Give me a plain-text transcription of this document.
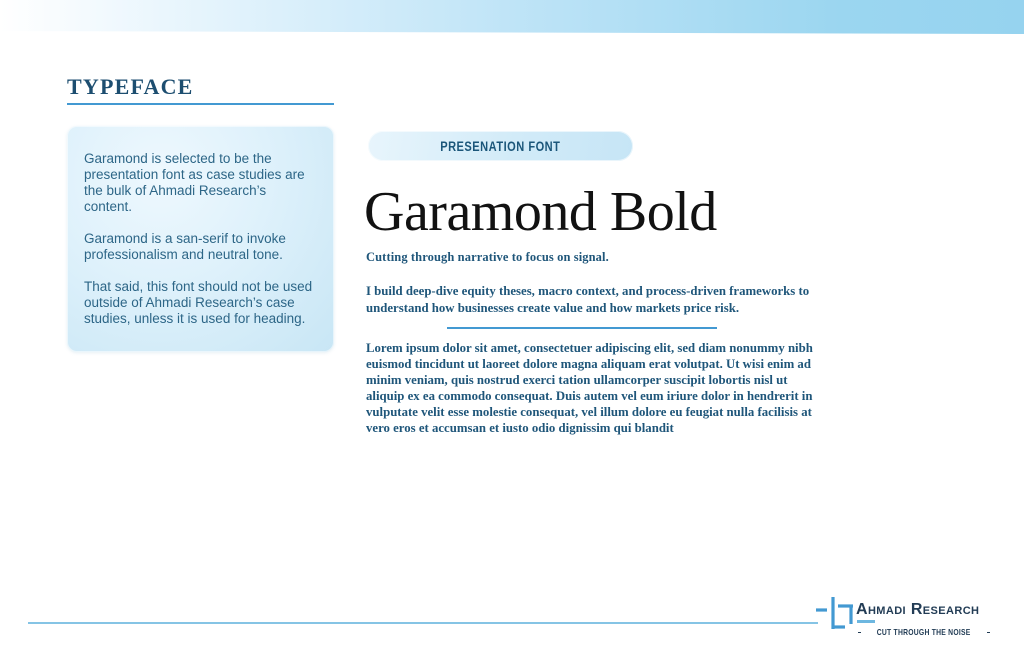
TYPEFACE

Garamond is selected to be the presentation font as case studies are the bulk of Ahmadi Research’s content.

Garamond is a san-serif to invoke professionalism and neutral tone.

That said, this font should not be used outside of Ahmadi Research’s case studies, unless it is used for heading.

PRESENATION FONT
Garamond Bold

Cutting through narrative to focus on signal.

I build deep-dive equity theses, macro context, and process-driven frameworks to understand how businesses create value and how markets price risk.

Lorem ipsum dolor sit amet, consectetuer adipiscing elit, sed diam nonummy nibh euismod tincidunt ut laoreet dolore magna aliquam erat volutpat. Ut wisi enim ad minim veniam, quis nostrud exerci tation ullamcorper suscipit lobortis nisl ut aliquip ex ea commodo consequat. Duis autem vel eum iriure dolor in hendrerit in vulputate velit esse molestie consequat, vel illum dolore eu feugiat nulla facilisis at vero eros et accumsan et iusto odio dignissim qui blandit

Ahmadi Research
CUT THROUGH THE NOISE
